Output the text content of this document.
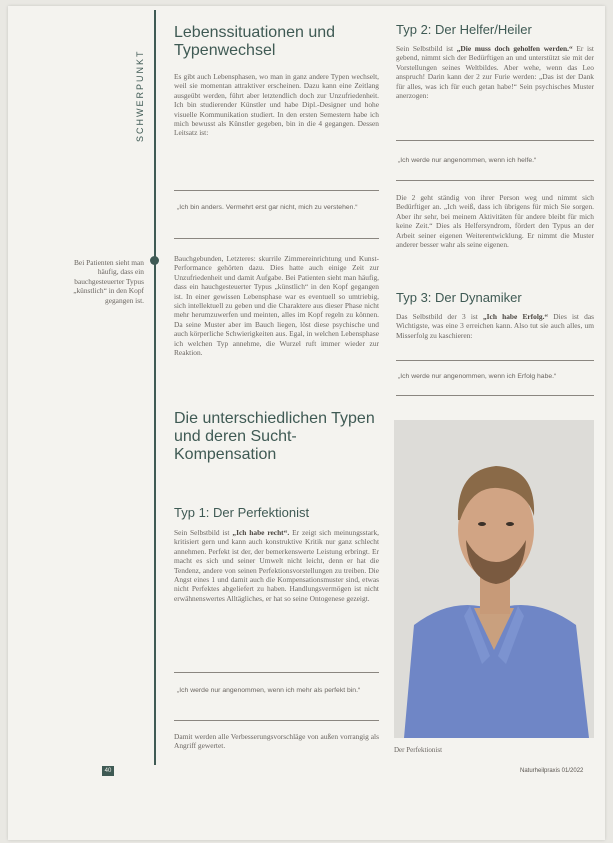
SCHWERPUNKT
Lebenssituationen und Typenwechsel
Es gibt auch Lebensphasen, wo man in ganz andere Typen wechselt, weil sie momentan attraktiver erscheinen. Dazu kann eine Zeitlang ausgeübt werden, führt aber letztendlich doch zur Unzufriedenheit. Ich bin studierender Künstler und habe Dipl.-Designer und hohe visuelle Kommunikation studiert. In den ersten Semestern habe ich mich bewusst als Künstler gegeben, bin in die 4 gegangen. Dessen Leitsatz ist:
„Ich bin anders. Vermehrt erst gar nicht, mich zu verstehen.“
Bauchgebunden, Letzteres: skurrile Zimmereinrichtung und Kunst-Performance gehörten dazu. Dies hatte auch einige Zeit zur Unzufriedenheit und damit Aufgabe. Bei Patienten sieht man häufig, dass ein hauchgesteuerter Typus „künstlich“ in den Kopf gegangen ist. In einer gewissen Lebensphase war es eventuell so umtriebig, sich intellektuell zu geben und die Charaktere aus dieser Phase nicht mehr herumzuwerfen und meinten, alles im Kopf regeln zu können. Da seine Muster aber im Bauch liegen, löst diese psychische und auch körperliche Schwierigkeiten aus. Egal, in welchen Lebensphase ich welchen Typ annehme, die Wurzel ruft immer wieder zur Reaktion.
Die unterschiedlichen Typen und deren Sucht-Kompensation
Typ 1: Der Perfektionist
Sein Selbstbild ist „Ich habe recht“. Er zeigt sich meinungsstark, kritisiert gern und kann auch konstruktive Kritik nur ganz schlecht annehmen. Perfekt ist der, der bemerkenswerte Leistung erbringt. Er macht es sich und seiner Umwelt nicht leicht, denn er hat die Tendenz, andere von seinen Perfektionsvorstellungen zu treiben. Die Angst eines 1 und damit auch die Kompensationsmuster sind, etwas nicht Perfektes abgeliefert zu haben. Handlungsvermögen ist nicht erwähnenswertes Alltägliches, er hat so seine Ontogenese gezeigt.
„Ich werde nur angenommen, wenn ich mehr als perfekt bin.“
Damit werden alle Verbesserungsvorschläge von außen vorrangig als Angriff gewertet.
Bei Patienten sieht man häufig, dass ein bauchgesteuerter Typus „künstlich“ in den Kopf gegangen ist.
Typ 2: Der Helfer/Heiler
Sein Selbstbild ist „Die muss doch geholfen werden.“ Er ist gebend, nimmt sich der Bedürftigen an und unterstützt sie mit der Vorstellungen seines Weltbildes. Aber wehe, wenn das Leo anspruch! Darin kann der 2 zur Furie werden: „Das ist der Dank für alles, was ich für euch getan habe!“ Sein psychisches Muster anerzogen:
„Ich werde nur angenommen, wenn ich helfe.“
Die 2 geht ständig von ihrer Person weg und nimmt sich Bedürftiger an. „Ich weiß, dass ich übrigens für mich Sie sorgen. Aber ihr sehr, bei meinem Aktivitäten für andere bleibt für mich keine Zeit.“ Dies als Helfersyndrom, fördert den Typus an der Arbeit seiner eigenen Weiterentwicklung. Er nimmt die Muster anderer besser wahr als seine eigenen.
Typ 3: Der Dynamiker
Das Selbstbild der 3 ist „Ich habe Erfolg.“ Dies ist das Wichtigste, was eine 3 erreichen kann. Also tut sie auch alles, um Misserfolg zu kaschieren:
„Ich werde nur angenommen, wenn ich Erfolg habe.“
Der Perfektionist
40	Naturheilpraxis 01/2022
